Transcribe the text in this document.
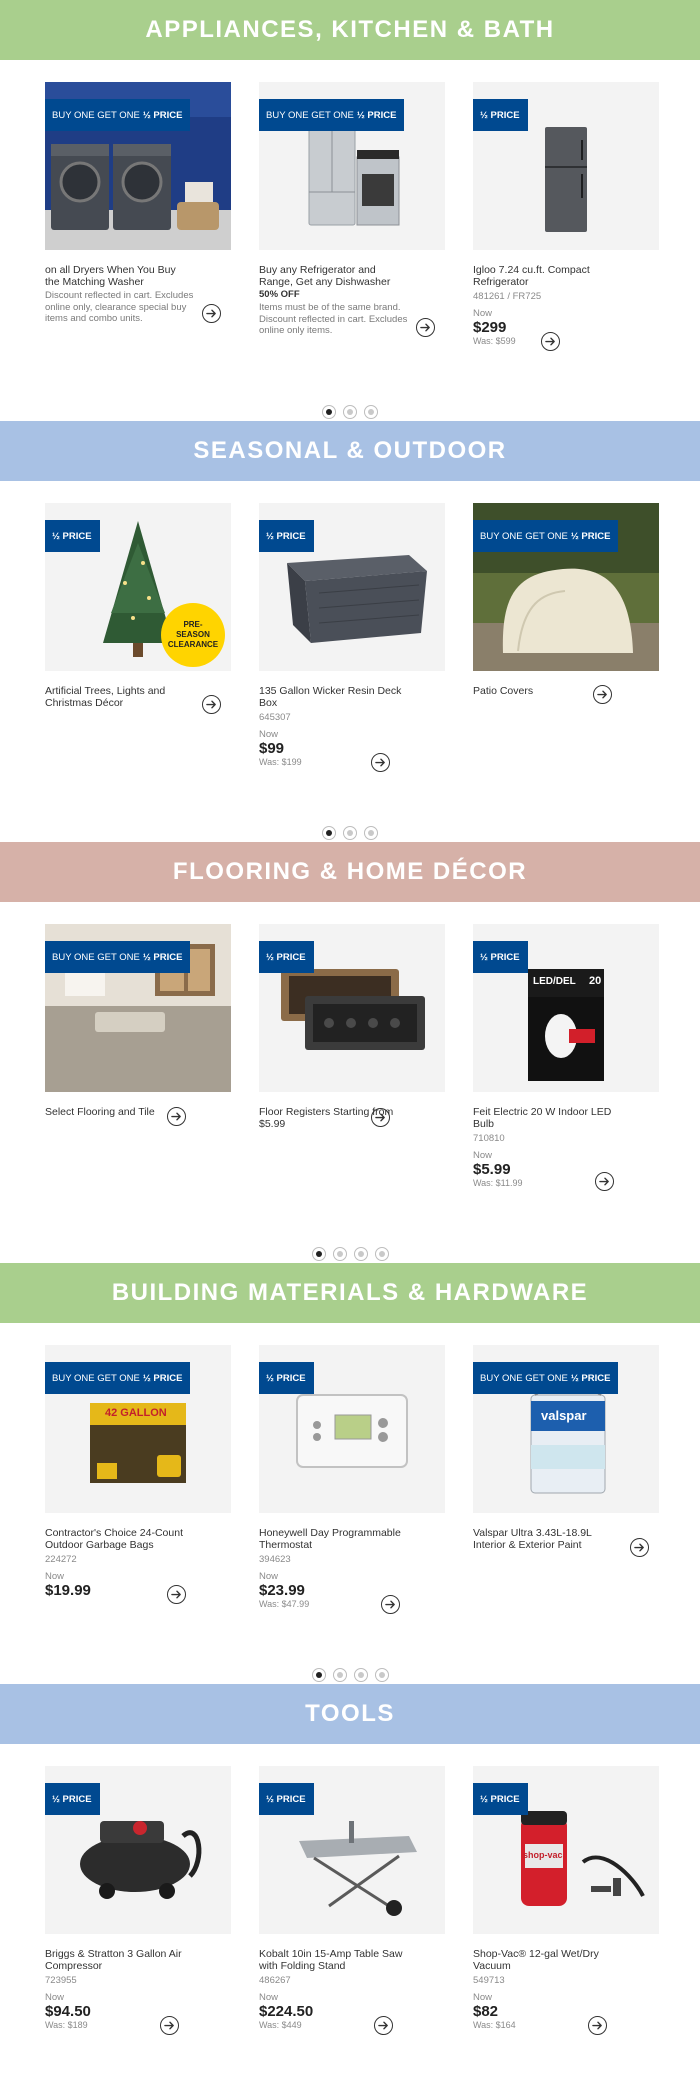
APPLIANCES, KITCHEN & BATH
BUY ONE GET ONE ½ PRICE
on all Dryers When You Buy the Matching Washer
Discount reflected in cart. Excludes online only, clearance special buy items and combo units.
BUY ONE GET ONE ½ PRICE
Buy any Refrigerator and Range, Get any Dishwasher
50% OFF
Items must be of the same brand. Discount reflected in cart. Excludes online only items.
½ PRICE
Igloo 7.24 cu.ft. Compact Refrigerator
481261 / FR725
Now
$299
Was: $599
SEASONAL & OUTDOOR
½ PRICE
PRE-SEASON CLEARANCE
Artificial Trees, Lights and Christmas Décor
½ PRICE
135 Gallon Wicker Resin Deck Box
645307
Now
$99
Was: $199
BUY ONE GET ONE ½ PRICE
Patio Covers
FLOORING & HOME DÉCOR
BUY ONE GET ONE ½ PRICE
Select Flooring and Tile
½ PRICE
Floor Registers Starting from $5.99
20
½ PRICE
LED/DEL
Feit Electric 20 W Indoor LED Bulb
710810
Now
$5.99
Was: $11.99
BUILDING MATERIALS & HARDWARE
BUY ONE GET ONE ½ PRICE
42 GALLON
Contractor's Choice 24-Count Outdoor Garbage Bags
224272
Now
$19.99
½ PRICE
Honeywell Day Programmable Thermostat
394623
Now
$23.99
Was: $47.99
BUY ONE GET ONE ½ PRICE
valspar
Valspar Ultra 3.43L-18.9L Interior & Exterior Paint
TOOLS
½ PRICE
Briggs & Stratton 3 Gallon Air Compressor
723955
Now
$94.50
Was: $189
½ PRICE
Kobalt 10in 15-Amp Table Saw with Folding Stand
486267
Now
$224.50
Was: $449
½ PRICE
shop-vac
Shop-Vac® 12-gal Wet/Dry Vacuum
549713
Now
$82
Was: $164
